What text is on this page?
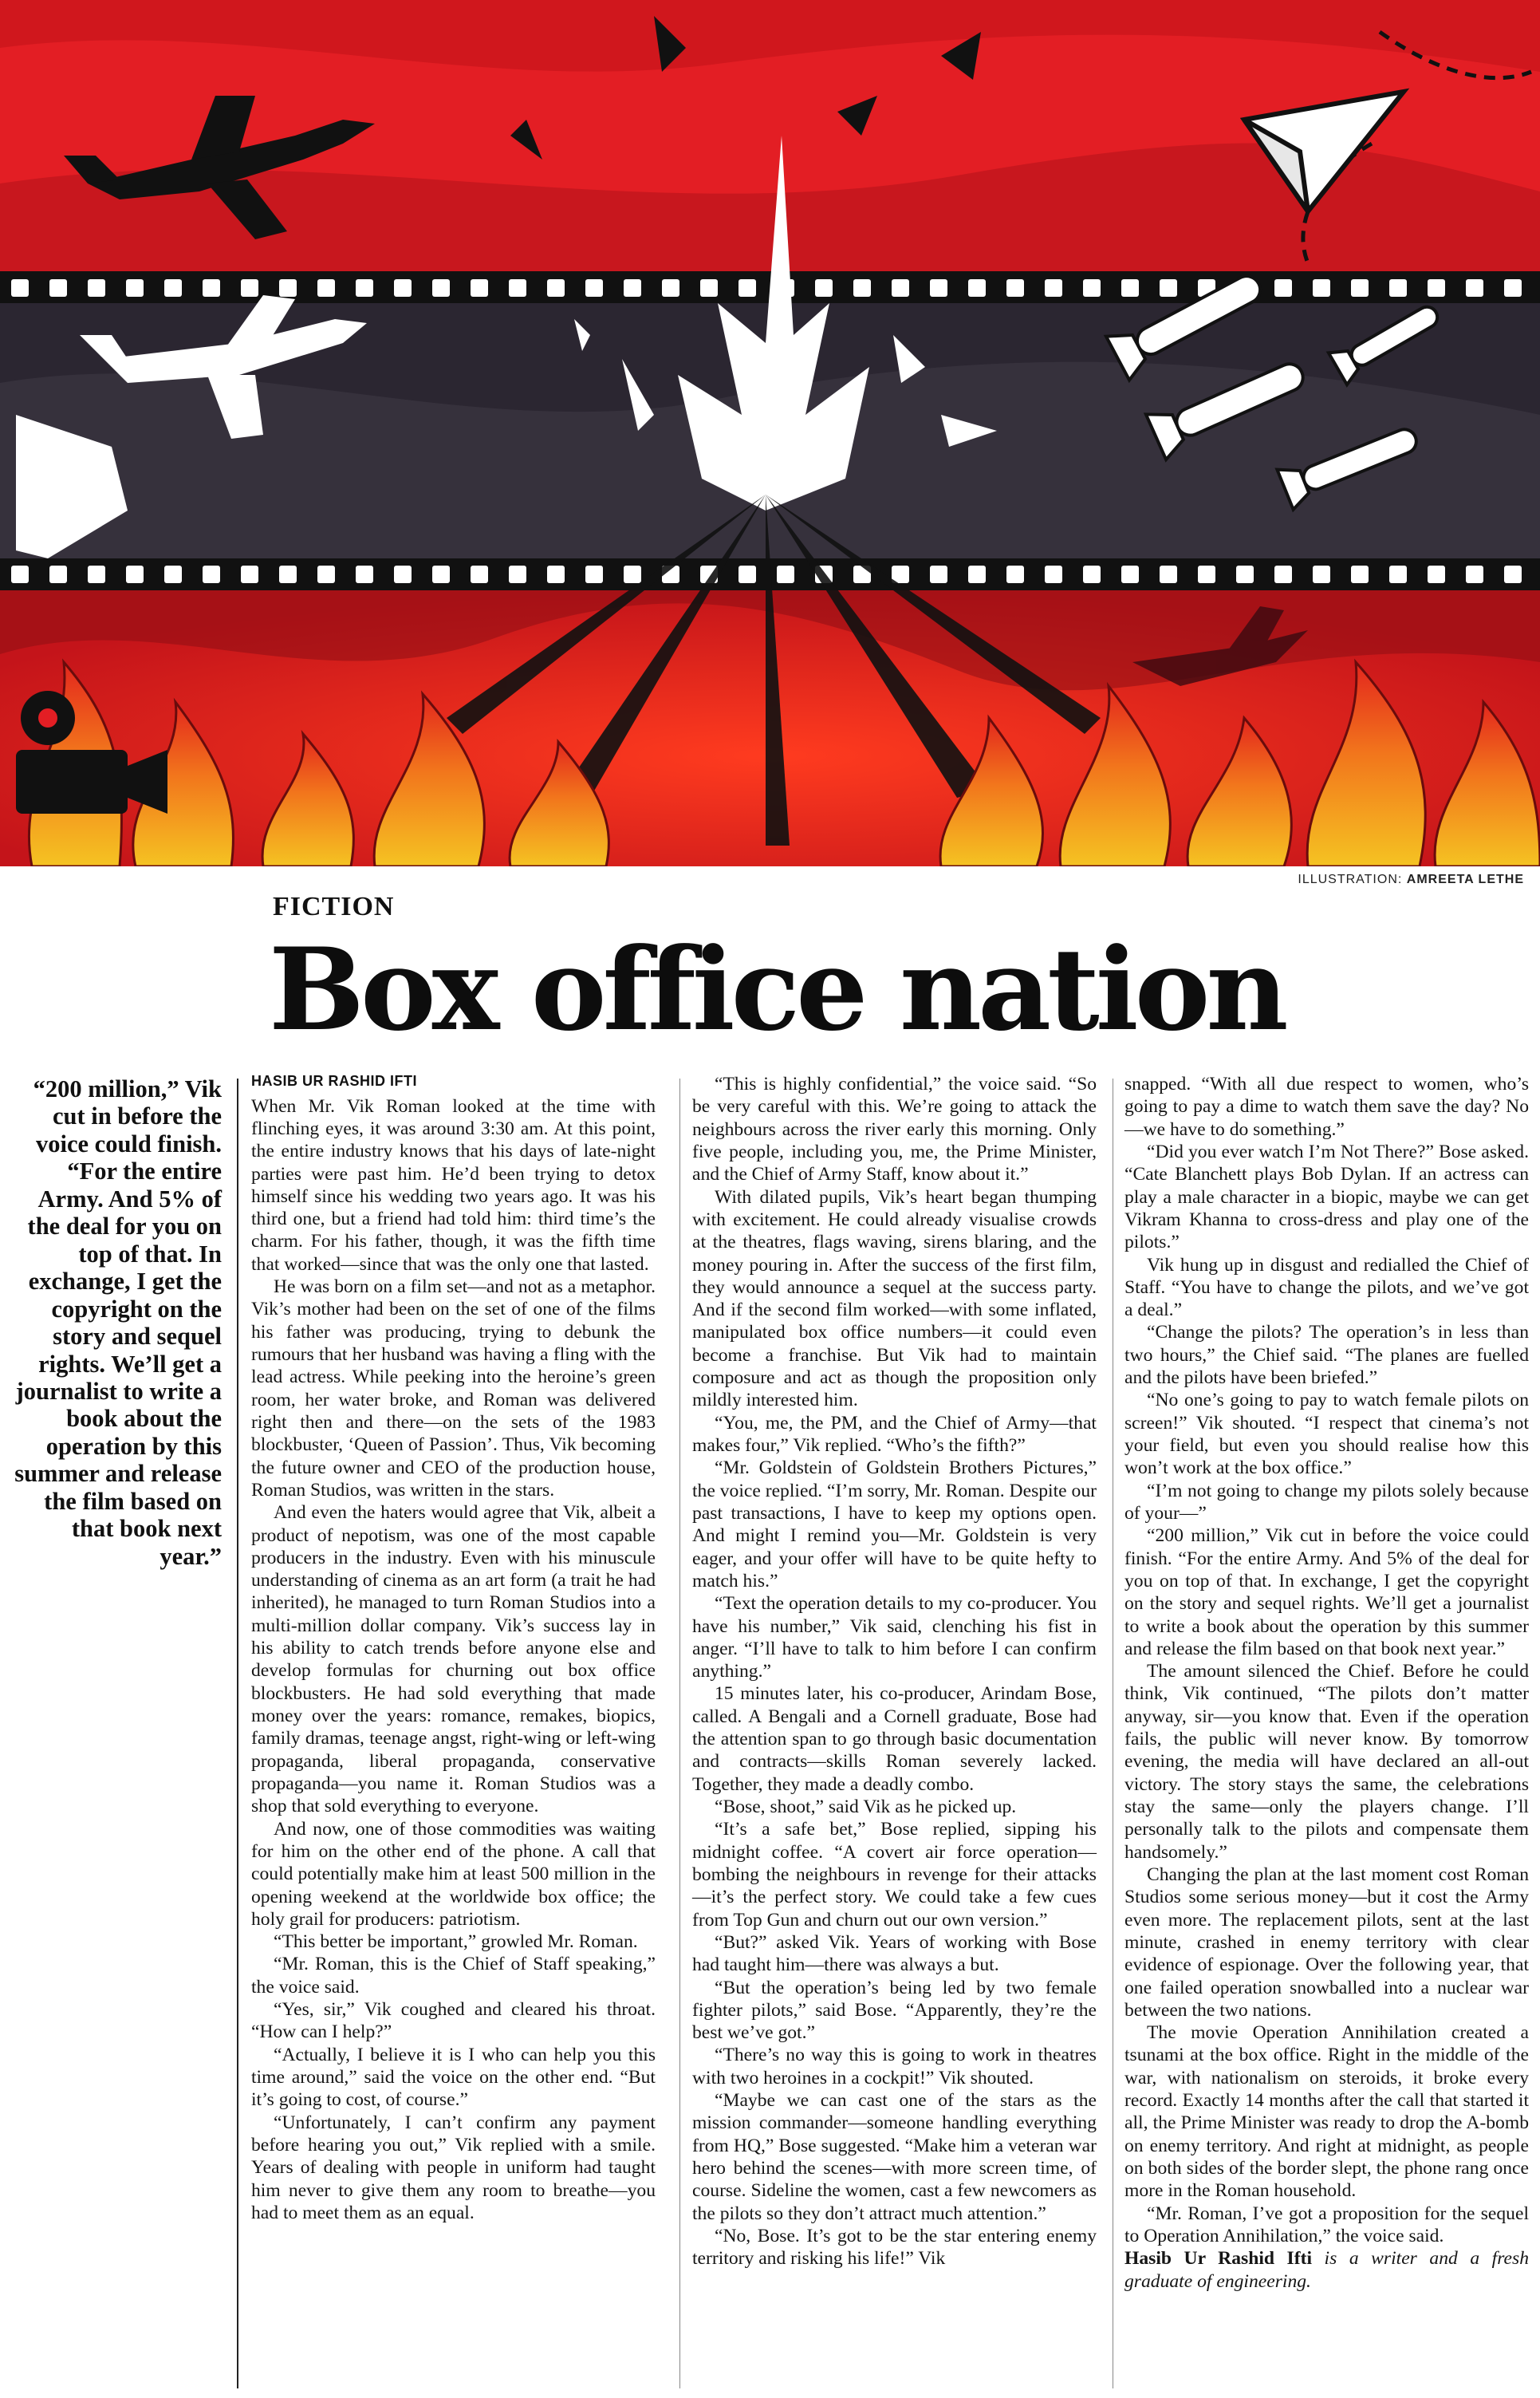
ILLUSTRATION: AMREETA LETHE
FICTION
Box office nation
“200 million,” Vik cut in before the voice could finish. “For the entire Army. And 5% of the deal for you on top of that. In exchange, I get the copyright on the story and sequel rights. We’ll get a journalist to write a book about the operation by this summer and release the film based on that book next year.”
HASIB UR RASHID IFTI

When Mr. Vik Roman looked at the time with flinching eyes, it was around 3:30 am. At this point, the entire industry knows that his days of late-night parties were past him. He’d been trying to detox himself since his wedding two years ago. It was his third one, but a friend had told him: third time’s the charm. For his father, though, it was the fifth time that worked—since that was the only one that lasted.

He was born on a film set—and not as a metaphor. Vik’s mother had been on the set of one of the films his father was producing, trying to debunk the rumours that her husband was having a fling with the lead actress. While peeking into the heroine’s green room, her water broke, and Roman was delivered right then and there—on the sets of the 1983 blockbuster, ‘Queen of Passion’. Thus, Vik becoming the future owner and CEO of the production house, Roman Studios, was written in the stars.

And even the haters would agree that Vik, albeit a product of nepotism, was one of the most capable producers in the industry. Even with his minuscule understanding of cinema as an art form (a trait he had inherited), he managed to turn Roman Studios into a multi-million dollar company. Vik’s success lay in his ability to catch trends before anyone else and develop formulas for churning out box office blockbusters. He had sold everything that made money over the years: romance, remakes, biopics, family dramas, teenage angst, right-wing or left-wing propaganda, liberal propaganda, conservative propaganda—you name it. Roman Studios was a shop that sold everything to everyone.

And now, one of those commodities was waiting for him on the other end of the phone. A call that could potentially make him at least 500 million in the opening weekend at the worldwide box office; the holy grail for producers: patriotism.

“This better be important,” growled Mr. Roman.

“Mr. Roman, this is the Chief of Staff speaking,” the voice said.

“Yes, sir,” Vik coughed and cleared his throat. “How can I help?”

“Actually, I believe it is I who can help you this time around,” said the voice on the other end. “But it’s going to cost, of course.”

“Unfortunately, I can’t confirm any payment before hearing you out,” Vik replied with a smile. Years of dealing with people in uniform had taught him never to give them any room to breathe—you had to meet them as an equal.

“This is highly confidential,” the voice said. “So be very careful with this. We’re going to attack the neighbours across the river early this morning. Only five people, including you, me, the Prime Minister, and the Chief of Army Staff, know about it.”

With dilated pupils, Vik’s heart began thumping with excitement. He could already visualise crowds at the theatres, flags waving, sirens blaring, and the money pouring in. After the success of the first film, they would announce a sequel at the success party. And if the second film worked—with some inflated, manipulated box office numbers—it could even become a franchise. But Vik had to maintain composure and act as though the proposition only mildly interested him.

“You, me, the PM, and the Chief of Army—that makes four,” Vik replied. “Who’s the fifth?”

“Mr. Goldstein of Goldstein Brothers Pictures,” the voice replied. “I’m sorry, Mr. Roman. Despite our past transactions, I have to keep my options open. And might I remind you—Mr. Goldstein is very eager, and your offer will have to be quite hefty to match his.”

“Text the operation details to my co-producer. You have his number,” Vik said, clenching his fist in anger. “I’ll have to talk to him before I can confirm anything.”

15 minutes later, his co-producer, Arindam Bose, called. A Bengali and a Cornell graduate, Bose had the attention span to go through basic documentation and contracts—skills Roman severely lacked. Together, they made a deadly combo.

“Bose, shoot,” said Vik as he picked up.

“It’s a safe bet,” Bose replied, sipping his midnight coffee. “A covert air force operation—bombing the neighbours in revenge for their attacks—it’s the perfect story. We could take a few cues from Top Gun and churn out our own version.”

“But?” asked Vik. Years of working with Bose had taught him—there was always a but.

“But the operation’s being led by two female fighter pilots,” said Bose. “Apparently, they’re the best we’ve got.”

“There’s no way this is going to work in theatres with two heroines in a cockpit!” Vik shouted.

“Maybe we can cast one of the stars as the mission commander—someone handling everything from HQ,” Bose suggested. “Make him a veteran war hero behind the scenes—with more screen time, of course. Sideline the women, cast a few newcomers as the pilots so they don’t attract much attention.”

“No, Bose. It’s got to be the star entering enemy territory and risking his life!” Vik

snapped. “With all due respect to women, who’s going to pay a dime to watch them save the day? No—we have to do something.”

“Did you ever watch I’m Not There?” Bose asked. “Cate Blanchett plays Bob Dylan. If an actress can play a male character in a biopic, maybe we can get Vikram Khanna to cross-dress and play one of the pilots.”

Vik hung up in disgust and redialled the Chief of Staff. “You have to change the pilots, and we’ve got a deal.”

“Change the pilots? The operation’s in less than two hours,” the Chief said. “The planes are fuelled and the pilots have been briefed.”

“No one’s going to pay to watch female pilots on screen!” Vik shouted. “I respect that cinema’s not your field, but even you should realise how this won’t work at the box office.”

“I’m not going to change my pilots solely because of your—”

“200 million,” Vik cut in before the voice could finish. “For the entire Army. And 5% of the deal for you on top of that. In exchange, I get the copyright on the story and sequel rights. We’ll get a journalist to write a book about the operation by this summer and release the film based on that book next year.”

The amount silenced the Chief. Before he could think, Vik continued, “The pilots don’t matter anyway, sir—you know that. Even if the operation fails, the public will never know. By tomorrow evening, the media will have declared an all-out victory. The story stays the same, the celebrations stay the same—only the players change. I’ll personally talk to the pilots and compensate them handsomely.”

Changing the plan at the last moment cost Roman Studios some serious money—but it cost the Army even more. The replacement pilots, sent at the last minute, crashed in enemy territory with clear evidence of espionage. Over the following year, that one failed operation snowballed into a nuclear war between the two nations.

The movie Operation Annihilation created a tsunami at the box office. Right in the middle of the war, with nationalism on steroids, it broke every record. Exactly 14 months after the call that started it all, the Prime Minister was ready to drop the A-bomb on enemy territory. And right at midnight, as people on both sides of the border slept, the phone rang once more in the Roman household.

“Mr. Roman, I’ve got a proposition for the sequel to Operation Annihilation,” the voice said.

Hasib Ur Rashid Ifti is a writer and a fresh graduate of engineering.
